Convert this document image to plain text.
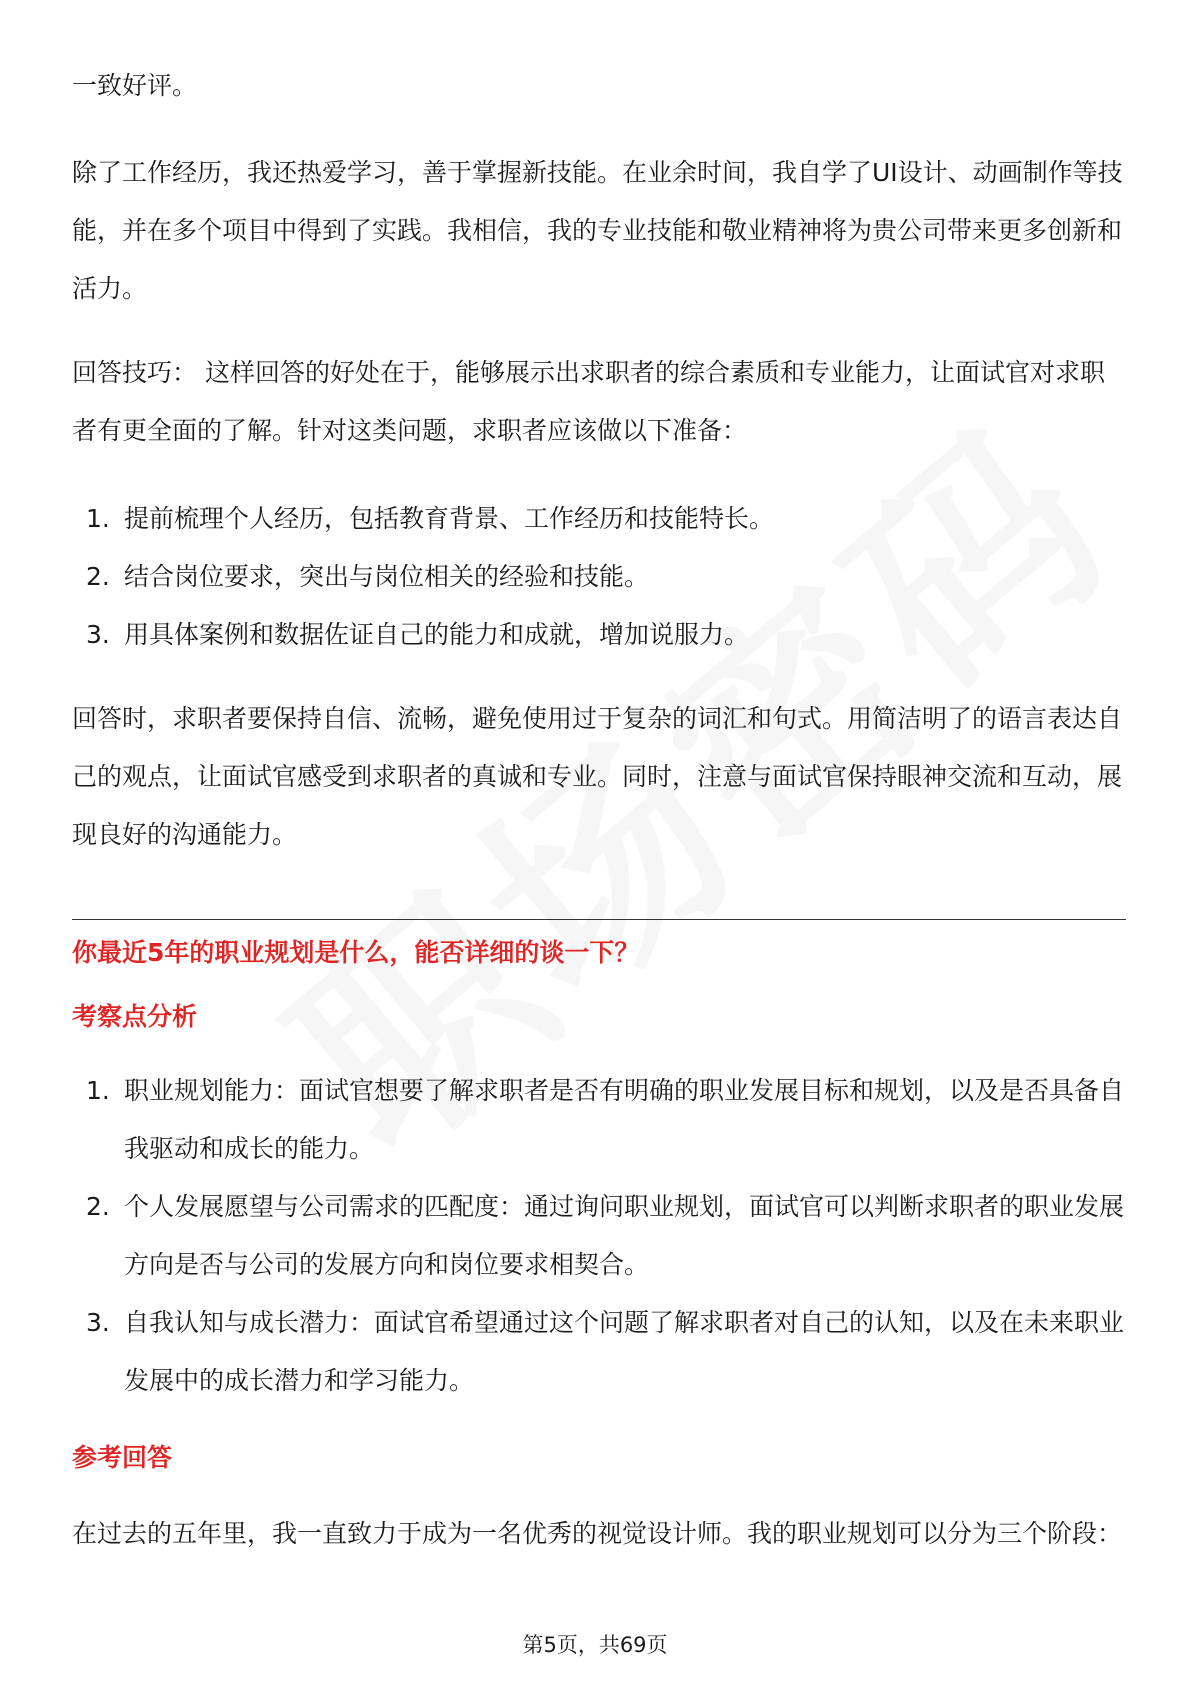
一致好评。

除了工作经历，我还热爱学习，善于掌握新技能。在业余时间，我自学了UI设计、动画制作等技能，并在多个项目中得到了实践。我相信，我的专业技能和敬业精神将为贵公司带来更多创新和活力。

回答技巧： 这样回答的好处在于，能够展示出求职者的综合素质和专业能力，让面试官对求职者有更全面的了解。针对这类问题，求职者应该做以下准备：

1. 提前梳理个人经历，包括教育背景、工作经历和技能特长。
2. 结合岗位要求，突出与岗位相关的经验和技能。
3. 用具体案例和数据佐证自己的能力和成就，增加说服力。

回答时，求职者要保持自信、流畅，避免使用过于复杂的词汇和句式。用简洁明了的语言表达自己的观点，让面试官感受到求职者的真诚和专业。同时，注意与面试官保持眼神交流和互动，展现良好的沟通能力。

你最近5年的职业规划是什么，能否详细的谈一下？
考察点分析
1. 职业规划能力：面试官想要了解求职者是否有明确的职业发展目标和规划，以及是否具备自我驱动和成长的能力。
2. 个人发展愿望与公司需求的匹配度：通过询问职业规划，面试官可以判断求职者的职业发展方向是否与公司的发展方向和岗位要求相契合。
3. 自我认知与成长潜力：面试官希望通过这个问题了解求职者对自己的认知，以及在未来职业发展中的成长潜力和学习能力。
参考回答

在过去的五年里，我一直致力于成为一名优秀的视觉设计师。我的职业规划可以分为三个阶段：

第5页，共69页
